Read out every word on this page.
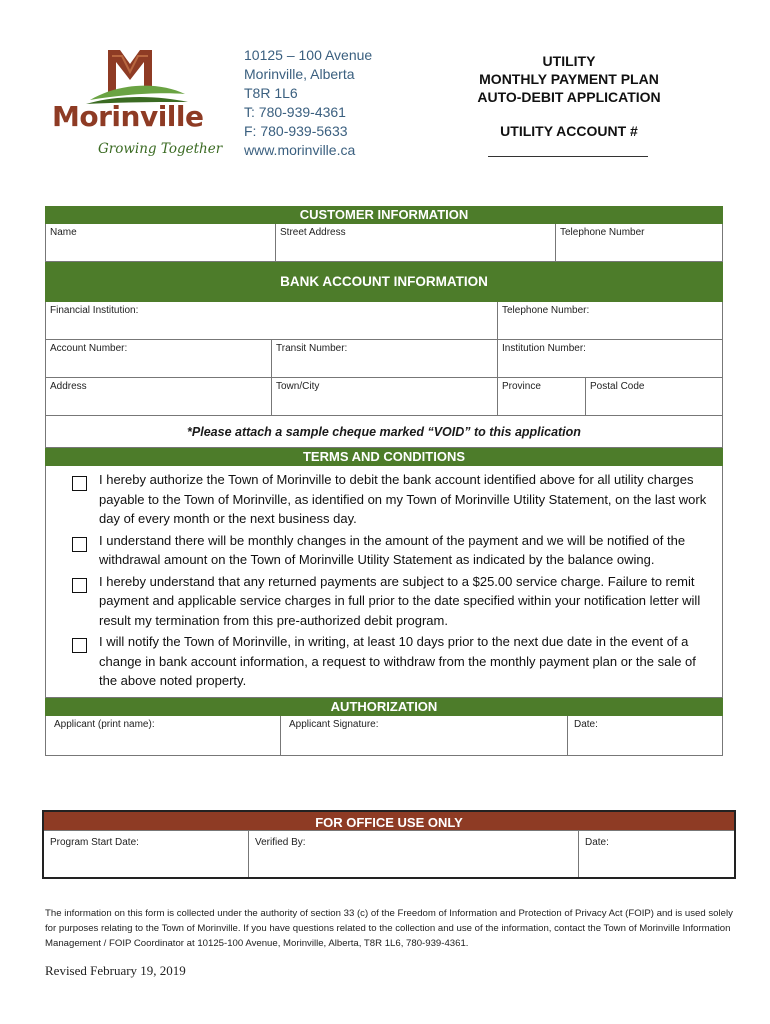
Morinville
Growing Together
10125 – 100 Avenue
Morinville, Alberta
T8R 1L6
T: 780-939-4361
F: 780-939-5633
www.morinville.ca
UTILITY
MONTHLY PAYMENT PLAN
AUTO-DEBIT APPLICATION
UTILITY ACCOUNT #
CUSTOMER INFORMATION
Name	Street Address	Telephone Number
BANK ACCOUNT INFORMATION
Financial Institution:	Telephone Number:
Account Number:	Transit Number:	Institution Number:
Address	Town/City	Province	Postal Code
*Please attach a sample cheque marked “VOID” to this application
TERMS AND CONDITIONS
I hereby authorize the Town of Morinville to debit the bank account identified above for all utility charges payable to the Town of Morinville, as identified on my Town of Morinville Utility Statement, on the last work day of every month or the next business day.
I understand there will be monthly changes in the amount of the payment and we will be notified of the withdrawal amount on the Town of Morinville Utility Statement as indicated by the balance owing.
I hereby understand that any returned payments are subject to a $25.00 service charge. Failure to remit payment and applicable service charges in full prior to the date specified within your notification letter will result my termination from this pre-authorized debit program.
I will notify the Town of Morinville, in writing, at least 10 days prior to the next due date in the event of a change in bank account information, a request to withdraw from the monthly payment plan or the sale of the above noted property.
AUTHORIZATION
Applicant (print name):	Applicant Signature:	Date:
FOR OFFICE USE ONLY
Program Start Date:	Verified By:	Date:
The information on this form is collected under the authority of section 33 (c) of the Freedom of Information and Protection of Privacy Act (FOIP) and is used solely for purposes relating to the Town of Morinville. If you have questions related to the collection and use of the information, contact the Town of Morinville Information Management / FOIP Coordinator at 10125-100 Avenue, Morinville, Alberta, T8R 1L6, 780-939-4361.
Revised February 19, 2019
